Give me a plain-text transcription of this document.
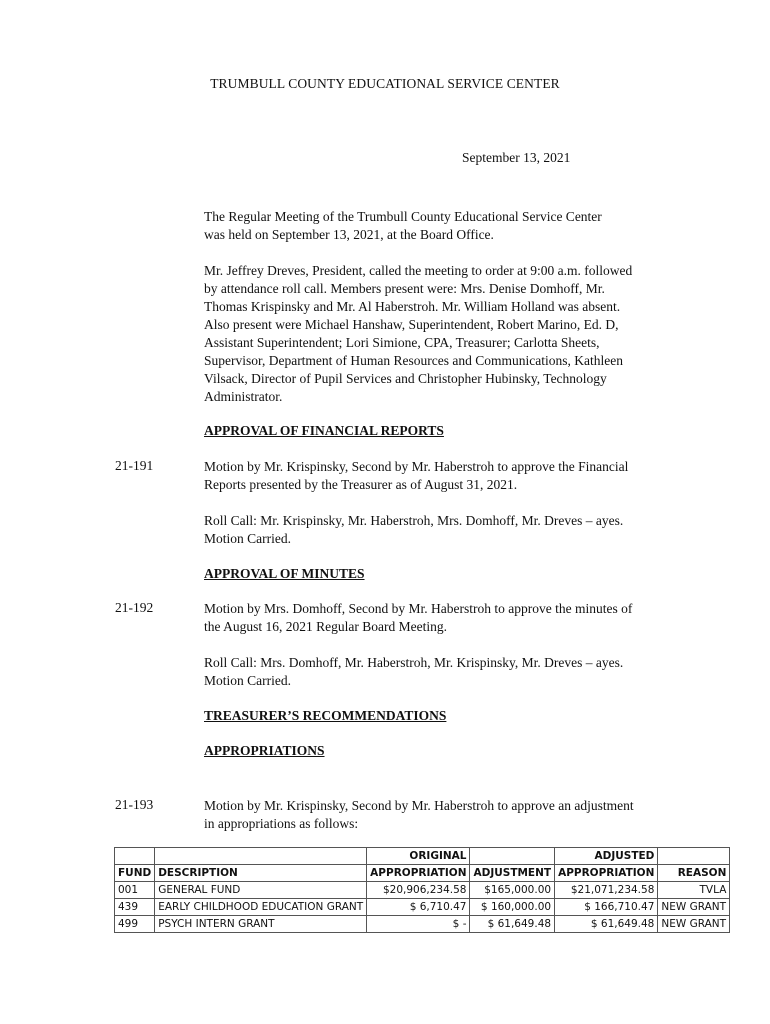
TRUMBULL COUNTY EDUCATIONAL SERVICE CENTER
September 13, 2021
The Regular Meeting of the Trumbull County Educational Service Center
was held on September 13, 2021, at the Board Office.
Mr. Jeffrey Dreves, President, called the meeting to order at 9:00 a.m. followed
by attendance roll call. Members present were: Mrs. Denise Domhoff, Mr.
Thomas Krispinsky and Mr. Al Haberstroh. Mr. William Holland was absent.
Also present were Michael Hanshaw, Superintendent, Robert Marino, Ed. D,
Assistant Superintendent; Lori Simione, CPA, Treasurer; Carlotta Sheets,
Supervisor, Department of Human Resources and Communications, Kathleen
Vilsack, Director of Pupil Services and Christopher Hubinsky, Technology
Administrator.
APPROVAL OF FINANCIAL REPORTS
21-191	Motion by Mr. Krispinsky, Second by Mr. Haberstroh to approve the Financial
Reports presented by the Treasurer as of August 31, 2021.
Roll Call: Mr. Krispinsky, Mr. Haberstroh, Mrs. Domhoff, Mr. Dreves – ayes.
Motion Carried.
APPROVAL OF MINUTES
21-192	Motion by Mrs. Domhoff, Second by Mr. Haberstroh to approve the minutes of
the August 16, 2021 Regular Board Meeting.
Roll Call: Mrs. Domhoff, Mr. Haberstroh, Mr. Krispinsky, Mr. Dreves – ayes.
Motion Carried.
TREASURER’S RECOMMENDATIONS
APPROPRIATIONS
21-193	Motion by Mr. Krispinsky, Second by Mr. Haberstroh to approve an adjustment
in appropriations as follows:
		ORIGINAL		ADJUSTED	
FUND	DESCRIPTION	APPROPRIATION	ADJUSTMENT	APPROPRIATION	REASON
001	GENERAL FUND	$20,906,234.58	$165,000.00	$21,071,234.58	TVLA
439	EARLY CHILDHOOD EDUCATION GRANT	$ 6,710.47	$ 160,000.00	$ 166,710.47	NEW GRANT
499	PSYCH INTERN GRANT	$ -	$ 61,649.48	$ 61,649.48	NEW GRANT
